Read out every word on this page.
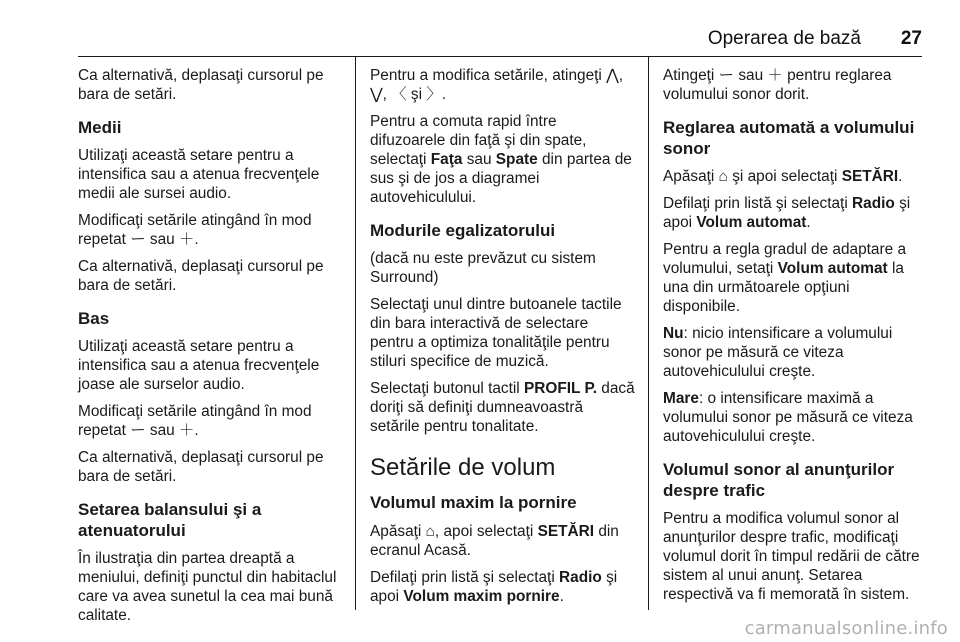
Operarea de bază 27

Ca alternativă, deplasaţi cursorul pe bara de setări.

Medii

Utilizaţi această setare pentru a intensifica sau a atenua frecvenţele medii ale sursei audio.

Modificaţi setările atingând în mod repetat ー sau ＋.

Ca alternativă, deplasaţi cursorul pe bara de setări.

Bas

Utilizaţi această setare pentru a intensifica sau a atenua frecvenţele joase ale surselor audio.

Modificaţi setările atingând în mod repetat ー sau ＋.

Ca alternativă, deplasaţi cursorul pe bara de setări.

Setarea balansului şi a atenuatorului

În ilustraţia din partea dreaptă a meniului, definiţi punctul din habitaclul care va avea sunetul la cea mai bună calitate.

Pentru a modifica setările, atingeţi ⋀, ⋁, 〈 şi 〉.

Pentru a comuta rapid între difuzoarele din faţă şi din spate, selectaţi Faţa sau Spate din partea de sus şi de jos a diagramei autovehiculului.

Modurile egalizatorului

(dacă nu este prevăzut cu sistem Surround)

Selectaţi unul dintre butoanele tactile din bara interactivă de selectare pentru a optimiza tonalităţile pentru stiluri specifice de muzică.

Selectaţi butonul tactil PROFIL P. dacă doriţi să definiţi dumneavoastră setările pentru tonalitate.

Setările de volum
Volumul maxim la pornire

Apăsaţi ⌂, apoi selectaţi SETĂRI din ecranul Acasă.

Defilaţi prin listă şi selectaţi Radio şi apoi Volum maxim pornire.

Atingeţi ー sau ＋ pentru reglarea volumului sonor dorit.

Reglarea automată a volumului sonor

Apăsaţi ⌂ şi apoi selectaţi SETĂRI.

Defilaţi prin listă şi selectaţi Radio şi apoi Volum automat.

Pentru a regla gradul de adaptare a volumului, setaţi Volum automat la una din următoarele opţiuni disponibile.

Nu: nicio intensificare a volumului sonor pe măsură ce viteza autovehiculului creşte.

Mare: o intensificare maximă a volumului sonor pe măsură ce viteza autovehiculului creşte.

Volumul sonor al anunţurilor despre trafic

Pentru a modifica volumul sonor al anunţurilor despre trafic, modificaţi volumul dorit în timpul redării de către sistem al unui anunţ. Setarea respectivă va fi memorată în sistem.

carmanualsonline.info
